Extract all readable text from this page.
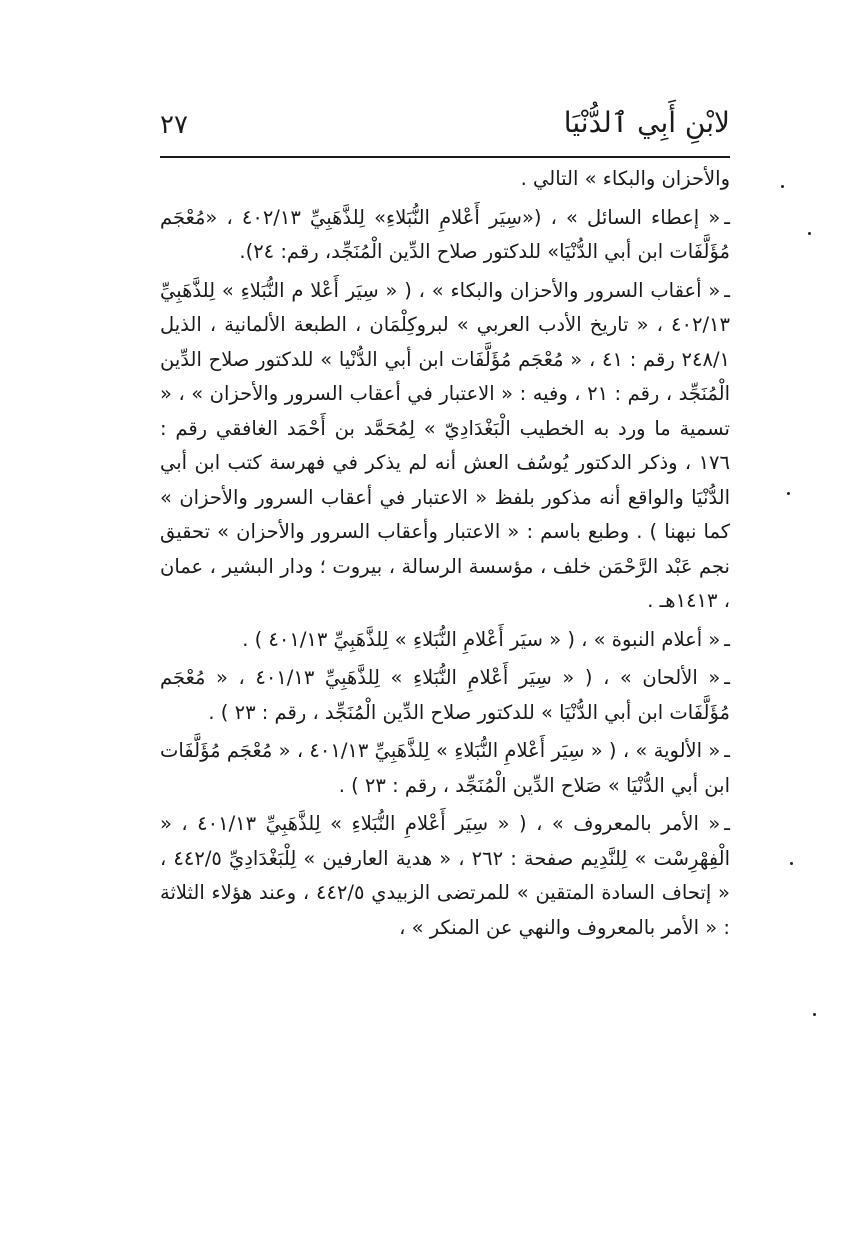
لابْنِ أَبِي ٱلدُّنْيَا
٢٧

والأحزان والبكاء » التالي .

ـ« إعطاء السائل » ، («سِيَر أَعْلامِ النُّبَلاءِ» لِلذَّهَبِيِّ ٤٠٢/١٣ ، «مُعْجَم مُؤَلَّفَات ابن أبي الدُّنْيَا» للدكتور صلاح الدِّين الْمُنَجِّد، رقم: ٢٤).

ـ« أعقاب السرور والأحزان والبكاء » ، ( « سِيَر أَعْلا م النُّبَلاءِ » لِلذَّهَبِيِّ ٤٠٢/١٣ ، « تاريخ الأدب العربي » لبروكِلْمَان ، الطبعة الألمانية ، الذيل ٢٤٨/١ رقم : ٤١ ، « مُعْجَم مُؤَلَّفَات ابن أبي الدُّنْيا » للدكتور صلاح الدِّين الْمُنَجِّد ، رقم : ٢١ ، وفيه : « الاعتبار في أعقاب السرور والأحزان » ، « تسمية ما ورد به الخطيب الْبَغْدَادِيّ » لِمُحَمَّد بن أَحْمَد الغافقي رقم : ١٧٦ ، وذكر الدكتور يُوسُف العش أنه لم يذكر في فهرسة كتب ابن أبي الدُّنْيَا والواقع أنه مذكور بلفظ « الاعتبار في أعقاب السرور والأحزان » كما نبهنا ) . وطبع باسم : « الاعتبار وأعقاب السرور والأحزان » تحقيق نجم عَبْد الرَّحْمَن خلف ، مؤسسة الرسالة ، بيروت ؛ ودار البشير ، عمان ، ١٤١٣هـ .

ـ« أعلام النبوة » ، ( « سيَر أَعْلامِ النُّبَلاءِ » لِلذَّهَبِيِّ ٤٠١/١٣ ) .

ـ« الألحان » ، ( « سِيَر أَعْلامِ النُّبَلاءِ » لِلذَّهَبِيِّ ٤٠١/١٣ ، « مُعْجَم مُؤَلَّفَات ابن أبي الدُّنْيَا » للدكتور صلاح الدِّين الْمُنَجِّد ، رقم : ٢٣ ) .

ـ« الألوية » ، ( « سِيَر أَعْلامِ النُّبَلاءِ » لِلذَّهَبِيِّ ٤٠١/١٣ ، « مُعْجَم مُؤَلَّفَات ابن أبي الدُّنْيَا » صَلاح الدِّين الْمُنَجِّد ، رقم : ٢٣ ) .

ـ« الأمر بالمعروف » ، ( « سِيَر أَعْلامِ النُّبَلاءِ » لِلذَّهَبِيِّ ٤٠١/١٣ ، « الْفِهْرِسْت » لِلنَّدِيم صفحة : ٢٦٢ ، « هدية العارفين » لِلْبَغْدَادِيِّ ٤٤٢/٥ ، « إتحاف السادة المتقين » للمرتضى الزبيدي ٤٤٢/٥ ، وعند هؤلاء الثلاثة : « الأمر بالمعروف والنهي عن المنكر » ،
